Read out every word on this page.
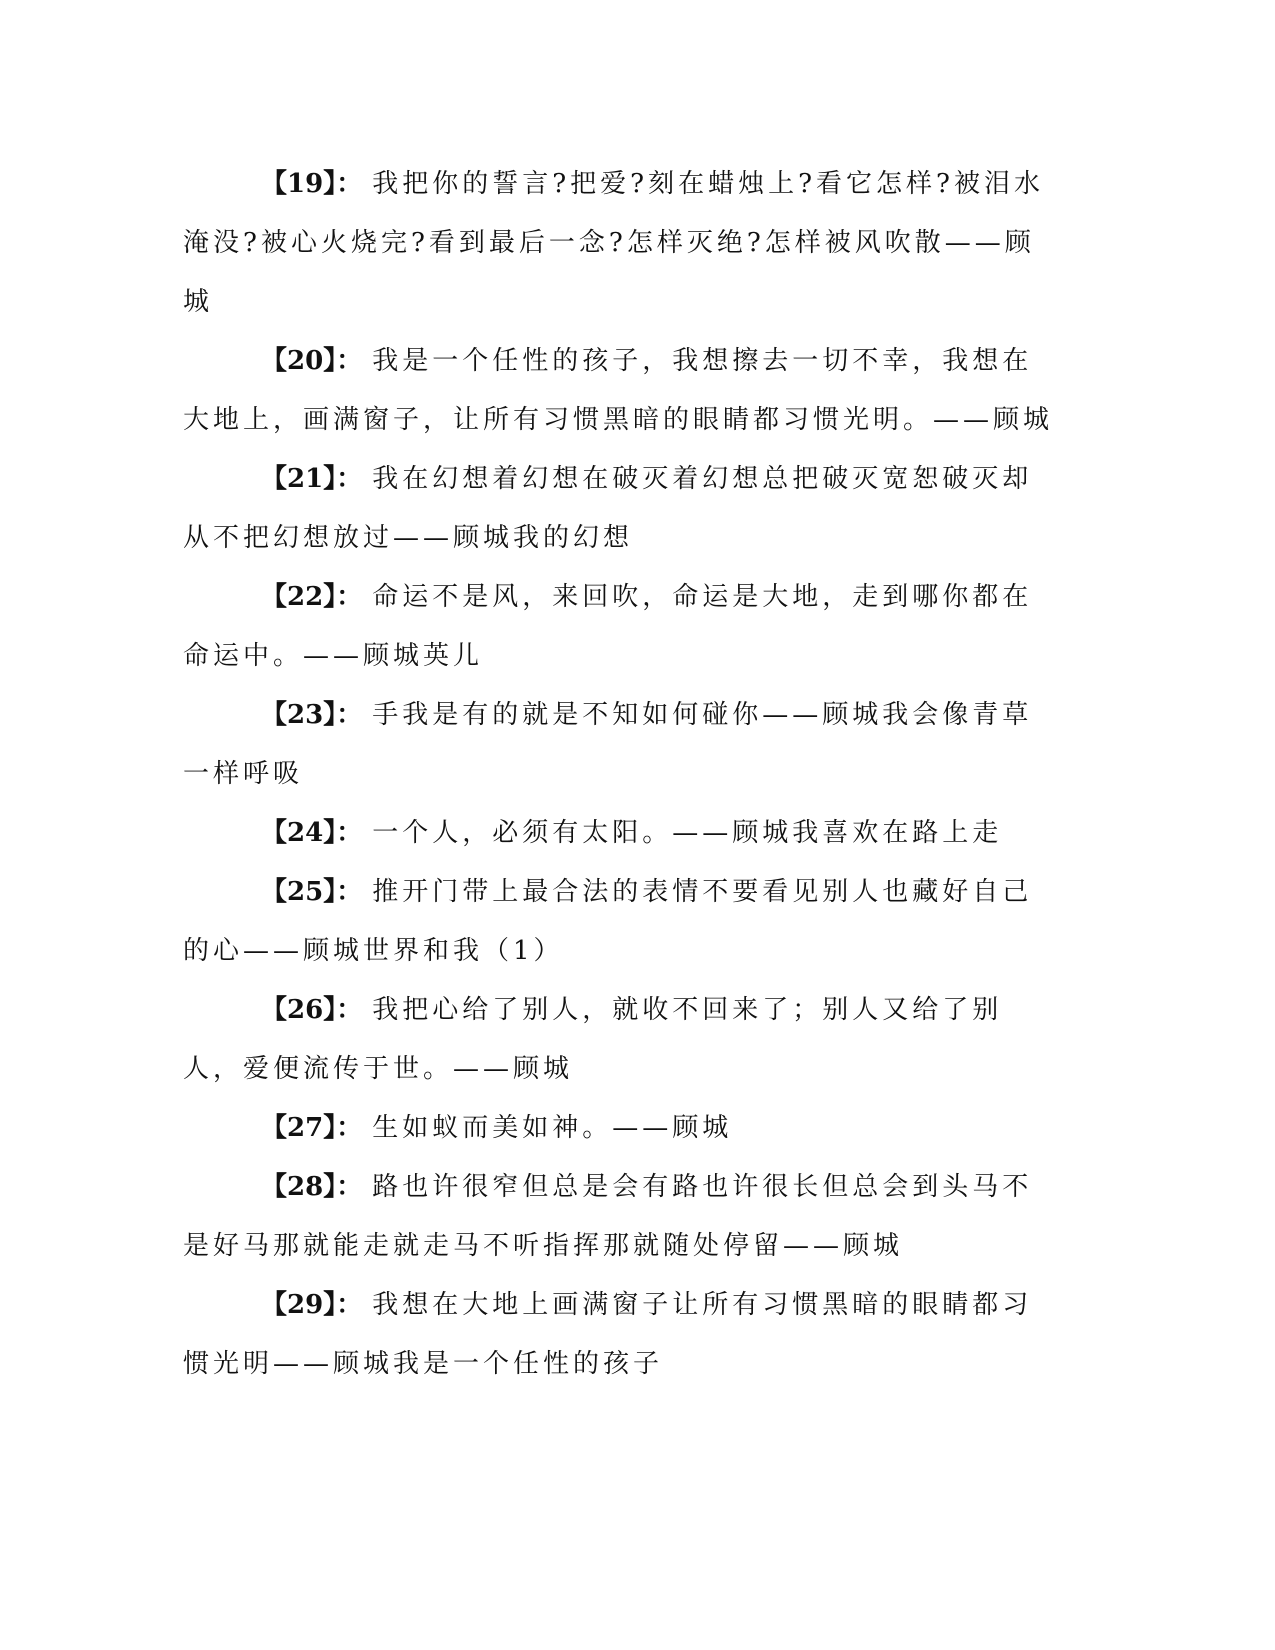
【19】： 我把你的誓言?把爱?刻在蜡烛上?看它怎样?被泪水淹没?被心火烧完?看到最后一念?怎样灭绝?怎样被风吹散——顾城

【20】： 我是一个任性的孩子，我想擦去一切不幸，我想在大地上，画满窗子，让所有习惯黑暗的眼睛都习惯光明。——顾城

【21】： 我在幻想着幻想在破灭着幻想总把破灭宽恕破灭却从不把幻想放过——顾城我的幻想

【22】： 命运不是风，来回吹，命运是大地，走到哪你都在命运中。——顾城英儿

【23】： 手我是有的就是不知如何碰你——顾城我会像青草一样呼吸

【24】： 一个人，必须有太阳。——顾城我喜欢在路上走

【25】： 推开门带上最合法的表情不要看见别人也藏好自己的心——顾城世界和我（1）

【26】： 我把心给了别人，就收不回来了；别人又给了别人，爱便流传于世。——顾城

【27】： 生如蚁而美如神。——顾城

【28】： 路也许很窄但总是会有路也许很长但总会到头马不是好马那就能走就走马不听指挥那就随处停留——顾城

【29】： 我想在大地上画满窗子让所有习惯黑暗的眼睛都习惯光明——顾城我是一个任性的孩子
